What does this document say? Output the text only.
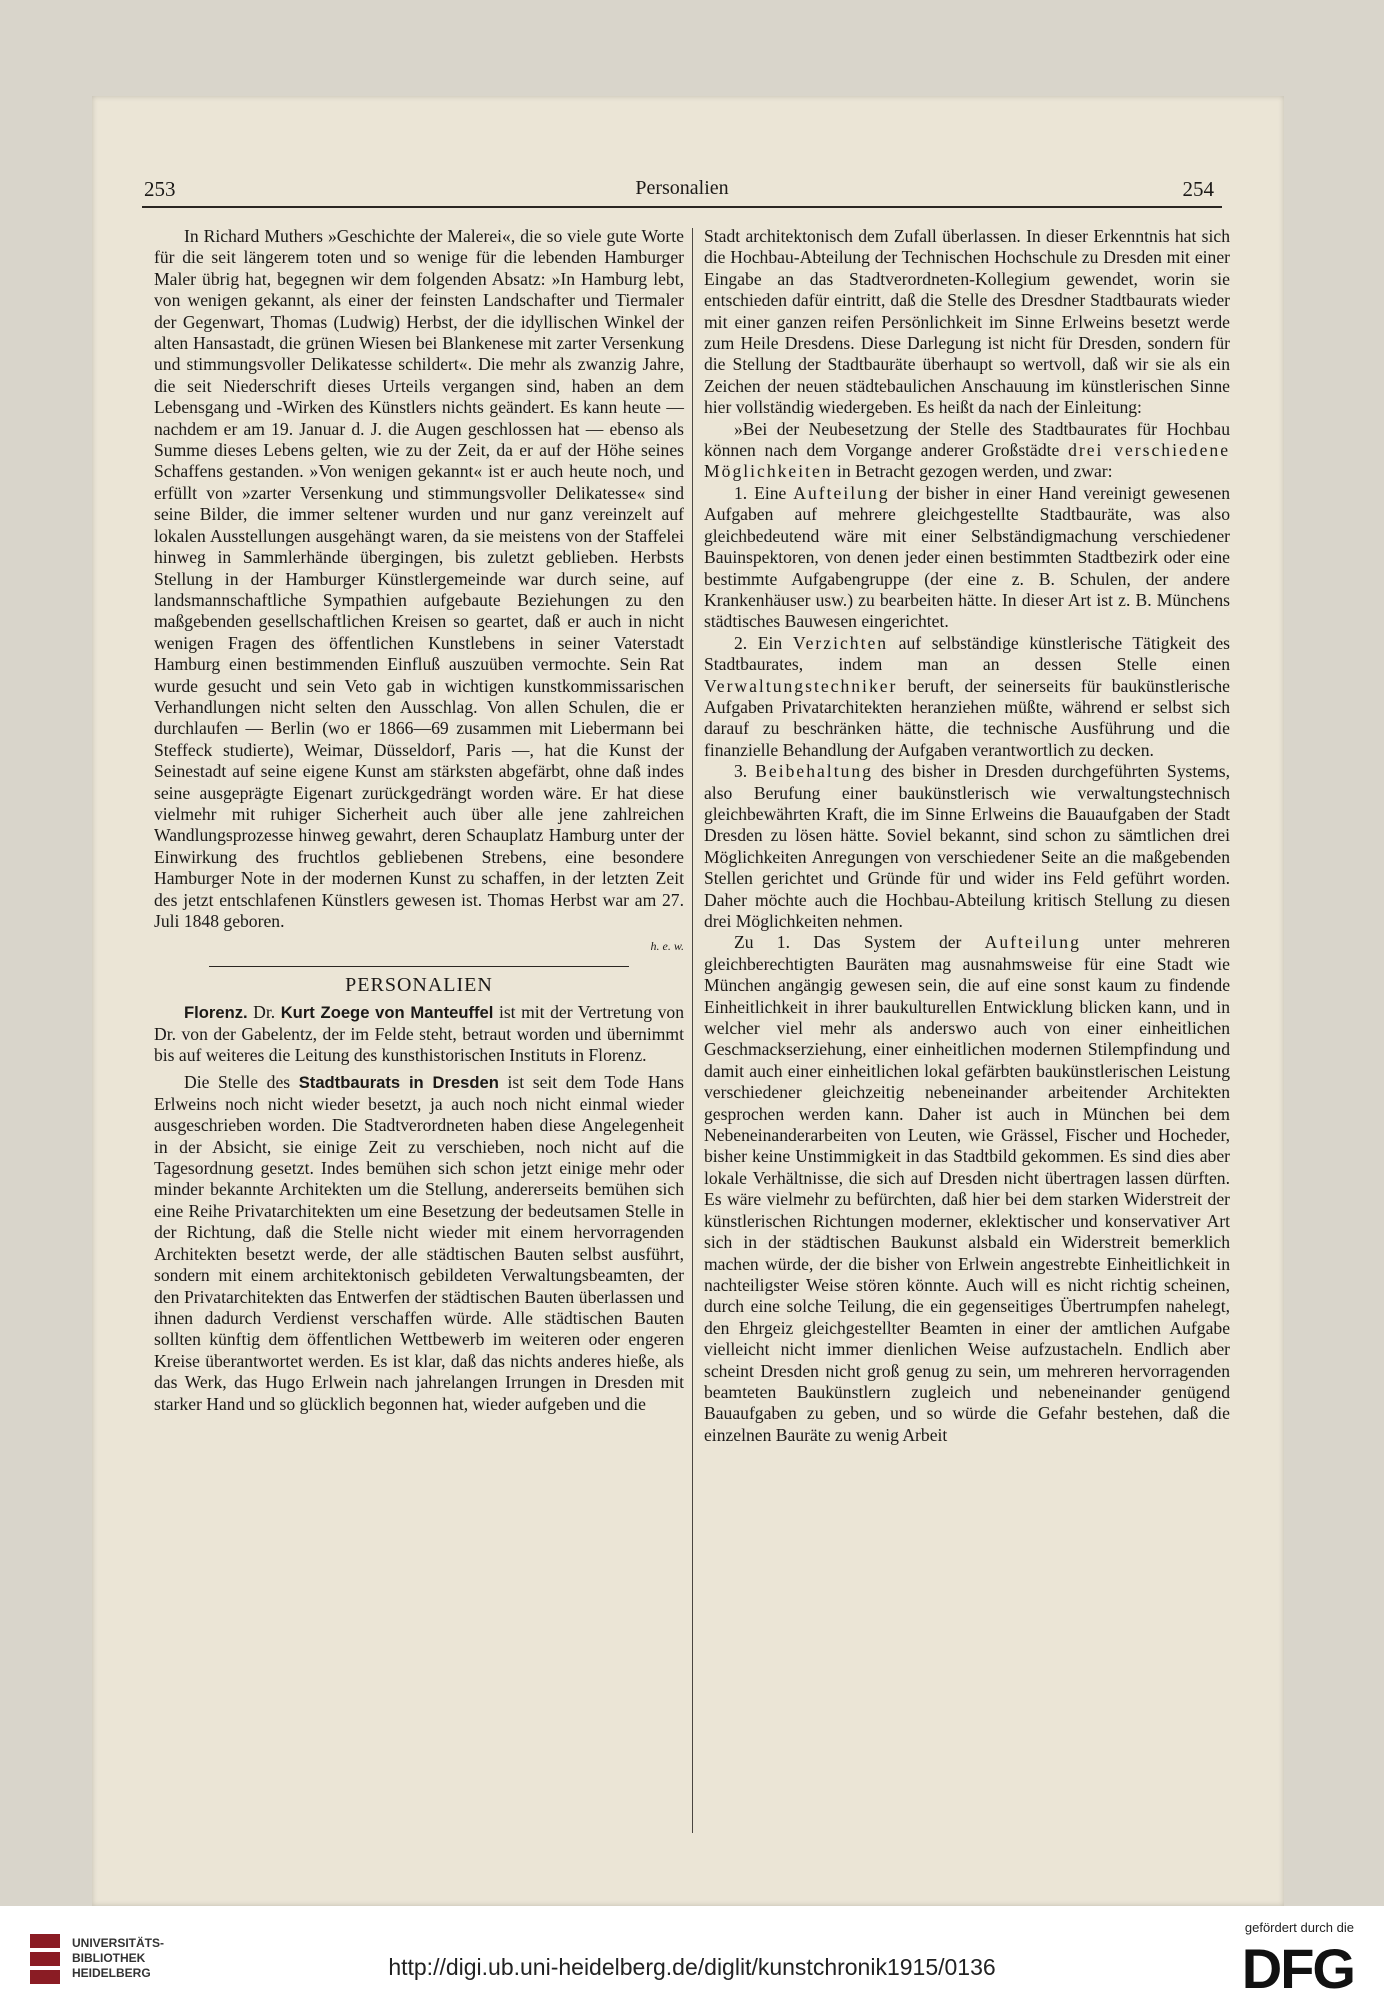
253	Personalien	254

In Richard Muthers »Geschichte der Malerei«, die so viele gute Worte für die seit längerem toten und so wenige für die lebenden Hamburger Maler übrig hat, begegnen wir dem folgenden Absatz: »In Hamburg lebt, von wenigen gekannt, als einer der feinsten Landschafter und Tiermaler der Gegenwart, Thomas (Ludwig) Herbst, der die idyllischen Winkel der alten Hansastadt, die grünen Wiesen bei Blankenese mit zarter Versenkung und stimmungsvoller Delikatesse schildert«. Die mehr als zwanzig Jahre, die seit Niederschrift dieses Urteils vergangen sind, haben an dem Lebensgang und -Wirken des Künstlers nichts geändert. Es kann heute — nachdem er am 19. Januar d. J. die Augen geschlossen hat — ebenso als Summe dieses Lebens gelten, wie zu der Zeit, da er auf der Höhe seines Schaffens gestanden. »Von wenigen gekannt« ist er auch heute noch, und erfüllt von »zarter Versenkung und stimmungsvoller Delikatesse« sind seine Bilder, die immer seltener wurden und nur ganz vereinzelt auf lokalen Ausstellungen ausgehängt waren, da sie meistens von der Staffelei hinweg in Sammlerhände übergingen, bis zuletzt geblieben. Herbsts Stellung in der Hamburger Künstlergemeinde war durch seine, auf landsmannschaftliche Sympathien aufgebaute Beziehungen zu den maßgebenden gesellschaftlichen Kreisen so geartet, daß er auch in nicht wenigen Fragen des öffentlichen Kunstlebens in seiner Vaterstadt Hamburg einen bestimmenden Einfluß auszuüben vermochte. Sein Rat wurde gesucht und sein Veto gab in wichtigen kunstkommissarischen Verhandlungen nicht selten den Ausschlag. Von allen Schulen, die er durchlaufen — Berlin (wo er 1866—69 zusammen mit Liebermann bei Steffeck studierte), Weimar, Düsseldorf, Paris —, hat die Kunst der Seinestadt auf seine eigene Kunst am stärksten abgefärbt, ohne daß indes seine ausgeprägte Eigenart zurückgedrängt worden wäre. Er hat diese vielmehr mit ruhiger Sicherheit auch über alle jene zahlreichen Wandlungsprozesse hinweg gewahrt, deren Schauplatz Hamburg unter der Einwirkung des fruchtlos gebliebenen Strebens, eine besondere Hamburger Note in der modernen Kunst zu schaffen, in der letzten Zeit des jetzt entschlafenen Künstlers gewesen ist. Thomas Herbst war am 27. Juli 1848 geboren.

h. e. w.
PERSONALIEN

Florenz. Dr. Kurt Zoege von Manteuffel ist mit der Vertretung von Dr. von der Gabelentz, der im Felde steht, betraut worden und übernimmt bis auf weiteres die Leitung des kunsthistorischen Instituts in Florenz.

Die Stelle des Stadtbaurats in Dresden ist seit dem Tode Hans Erlweins noch nicht wieder besetzt, ja auch noch nicht einmal wieder ausgeschrieben worden. Die Stadtverordneten haben diese Angelegenheit in der Absicht, sie einige Zeit zu verschieben, noch nicht auf die Tagesordnung gesetzt. Indes bemühen sich schon jetzt einige mehr oder minder bekannte Architekten um die Stellung, andererseits bemühen sich eine Reihe Privatarchitekten um eine Besetzung der bedeutsamen Stelle in der Richtung, daß die Stelle nicht wieder mit einem hervorragenden Architekten besetzt werde, der alle städtischen Bauten selbst ausführt, sondern mit einem architektonisch gebildeten Verwaltungsbeamten, der den Privatarchitekten das Entwerfen der städtischen Bauten überlassen und ihnen dadurch Verdienst verschaffen würde. Alle städtischen Bauten sollten künftig dem öffentlichen Wettbewerb im weiteren oder engeren Kreise überantwortet werden. Es ist klar, daß das nichts anderes hieße, als das Werk, das Hugo Erlwein nach jahrelangen Irrungen in Dresden mit starker Hand und so glücklich begonnen hat, wieder aufgeben und die

Stadt architektonisch dem Zufall überlassen. In dieser Erkenntnis hat sich die Hochbau-Abteilung der Technischen Hochschule zu Dresden mit einer Eingabe an das Stadtverordneten-Kollegium gewendet, worin sie entschieden dafür eintritt, daß die Stelle des Dresdner Stadtbaurats wieder mit einer ganzen reifen Persönlichkeit im Sinne Erlweins besetzt werde zum Heile Dresdens. Diese Darlegung ist nicht für Dresden, sondern für die Stellung der Stadtbauräte überhaupt so wertvoll, daß wir sie als ein Zeichen der neuen städtebaulichen Anschauung im künstlerischen Sinne hier vollständig wiedergeben. Es heißt da nach der Einleitung:

»Bei der Neubesetzung der Stelle des Stadtbaurates für Hochbau können nach dem Vorgange anderer Großstädte drei verschiedene Möglichkeiten in Betracht gezogen werden, und zwar:

1. Eine Aufteilung der bisher in einer Hand vereinigt gewesenen Aufgaben auf mehrere gleichgestellte Stadtbauräte, was also gleichbedeutend wäre mit einer Selbständigmachung verschiedener Bauinspektoren, von denen jeder einen bestimmten Stadtbezirk oder eine bestimmte Aufgabengruppe (der eine z. B. Schulen, der andere Krankenhäuser usw.) zu bearbeiten hätte. In dieser Art ist z. B. Münchens städtisches Bauwesen eingerichtet.

2. Ein Verzichten auf selbständige künstlerische Tätigkeit des Stadtbaurates, indem man an dessen Stelle einen Verwaltungstechniker beruft, der seinerseits für baukünstlerische Aufgaben Privatarchitekten heranziehen müßte, während er selbst sich darauf zu beschränken hätte, die technische Ausführung und die finanzielle Behandlung der Aufgaben verantwortlich zu decken.

3. Beibehaltung des bisher in Dresden durchgeführten Systems, also Berufung einer baukünstlerisch wie verwaltungstechnisch gleichbewährten Kraft, die im Sinne Erlweins die Bauaufgaben der Stadt Dresden zu lösen hätte. Soviel bekannt, sind schon zu sämtlichen drei Möglichkeiten Anregungen von verschiedener Seite an die maßgebenden Stellen gerichtet und Gründe für und wider ins Feld geführt worden. Daher möchte auch die Hochbau-Abteilung kritisch Stellung zu diesen drei Möglichkeiten nehmen.

Zu 1. Das System der Aufteilung unter mehreren gleichberechtigten Bauräten mag ausnahmsweise für eine Stadt wie München angängig gewesen sein, die auf eine sonst kaum zu findende Einheitlichkeit in ihrer baukulturellen Entwicklung blicken kann, und in welcher viel mehr als anderswo auch von einer einheitlichen Geschmackserziehung, einer einheitlichen modernen Stilempfindung und damit auch einer einheitlichen lokal gefärbten baukünstlerischen Leistung verschiedener gleichzeitig nebeneinander arbeitender Architekten gesprochen werden kann. Daher ist auch in München bei dem Nebeneinanderarbeiten von Leuten, wie Grässel, Fischer und Hocheder, bisher keine Unstimmigkeit in das Stadtbild gekommen. Es sind dies aber lokale Verhältnisse, die sich auf Dresden nicht übertragen lassen dürften. Es wäre vielmehr zu befürchten, daß hier bei dem starken Widerstreit der künstlerischen Richtungen moderner, eklektischer und konservativer Art sich in der städtischen Baukunst alsbald ein Widerstreit bemerklich machen würde, der die bisher von Erlwein angestrebte Einheitlichkeit in nachteiligster Weise stören könnte. Auch will es nicht richtig scheinen, durch eine solche Teilung, die ein gegenseitiges Übertrumpfen nahelegt, den Ehrgeiz gleichgestellter Beamten in einer der amtlichen Aufgabe vielleicht nicht immer dienlichen Weise aufzustacheln. Endlich aber scheint Dresden nicht groß genug zu sein, um mehreren hervorragenden beamteten Baukünstlern zugleich und nebeneinander genügend Bauaufgaben zu geben, und so würde die Gefahr bestehen, daß die einzelnen Bauräte zu wenig Arbeit

UNIVERSITÄTS-
BIBLIOTHEK
HEIDELBERG	http://digi.ub.uni-heidelberg.de/diglit/kunstchronik1915/0136
gefördert durch die
DFG
